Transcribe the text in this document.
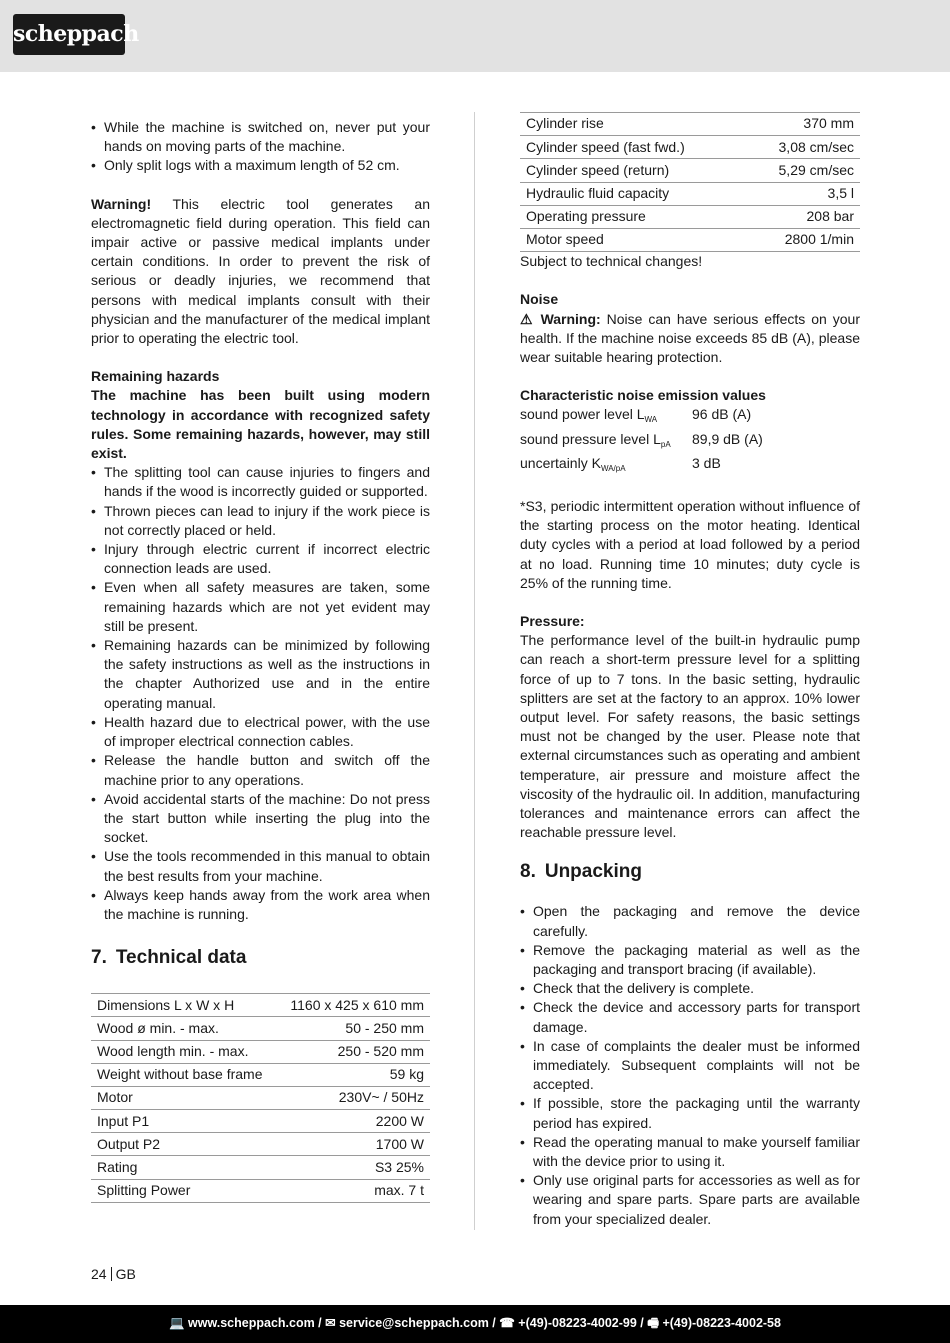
scheppach
• While the machine is switched on, never put your hands on moving parts of the machine.
• Only split logs with a maximum length of 52 cm.

Warning! This electric tool generates an electromagnetic field during operation. This field can impair active or passive medical implants under certain conditions. In order to prevent the risk of serious or deadly injuries, we recommend that persons with medical implants consult with their physician and the manufacturer of the medical implant prior to operating the electric tool.

Remaining hazards

The machine has been built using modern technology in accordance with recognized safety rules. Some remaining hazards, however, may still exist.

• The splitting tool can cause injuries to fingers and hands if the wood is incorrectly guided or supported.
• Thrown pieces can lead to injury if the work piece is not correctly placed or held.
• Injury through electric current if incorrect electric connection leads are used.
• Even when all safety measures are taken, some remaining hazards which are not yet evident may still be present.
• Remaining hazards can be minimized by following the safety instructions as well as the instructions in the chapter Authorized use and in the entire operating manual.
• Health hazard due to electrical power, with the use of improper electrical connection cables.
• Release the handle button and switch off the machine prior to any operations.
• Avoid accidental starts of the machine: Do not press the start button while inserting the plug into the socket.
• Use the tools recommended in this manual to obtain the best results from your machine.
• Always keep hands away from the work area when the machine is running.
7. Technical data
Dimensions L x W x H	1160 x 425 x 610 mm
Wood ø min. - max.	50 - 250 mm
Wood length min. - max.	250 - 520 mm
Weight without base frame	59 kg
Motor	230V~ / 50Hz
Input P1	2200 W
Output P2	1700 W
Rating	S3 25%
Splitting Power	max. 7 t
Cylinder rise	370 mm
Cylinder speed (fast fwd.)	3,08 cm/sec
Cylinder speed (return)	5,29 cm/sec
Hydraulic fluid capacity	3,5 l
Operating pressure	208 bar
Motor speed	2800 1/min

Subject to technical changes!

Noise

⚠ Warning: Noise can have serious effects on your health. If the machine noise exceeds 85 dB (A), please wear suitable hearing protection.

Characteristic noise emission values

sound power level $L_{WA}$	96 dB (A)
sound pressure level $L_{pA}$	89,9 dB (A)
uncertainly $K_{WA/pA}$	3 dB

*S3, periodic intermittent operation without influence of the starting process on the motor heating. Identical duty cycles with a period at load followed by a period at no load. Running time 10 minutes; duty cycle is 25% of the running time.

Pressure:

The performance level of the built-in hydraulic pump can reach a short-term pressure level for a splitting force of up to 7 tons. In the basic setting, hydraulic splitters are set at the factory to an approx. 10% lower output level. For safety reasons, the basic settings must not be changed by the user. Please note that external circumstances such as operating and ambient temperature, air pressure and moisture affect the viscosity of the hydraulic oil. In addition, manufacturing tolerances and maintenance errors can affect the reachable pressure level.

8. Unpacking
• Open the packaging and remove the device carefully.
• Remove the packaging material as well as the packaging and transport bracing (if available).
• Check that the delivery is complete.
• Check the device and accessory parts for transport damage.
• In case of complaints the dealer must be informed immediately. Subsequent complaints will not be accepted.
• If possible, store the packaging until the warranty period has expired.
• Read the operating manual to make yourself familiar with the device prior to using it.
• Only use original parts for accessories as well as for wearing and spare parts. Spare parts are available from your specialized dealer.
24 GB
💻 www.scheppach.com / ✉ service@scheppach.com / ☎ +(49)-08223-4002-99 / 🖷 +(49)-08223-4002-58
